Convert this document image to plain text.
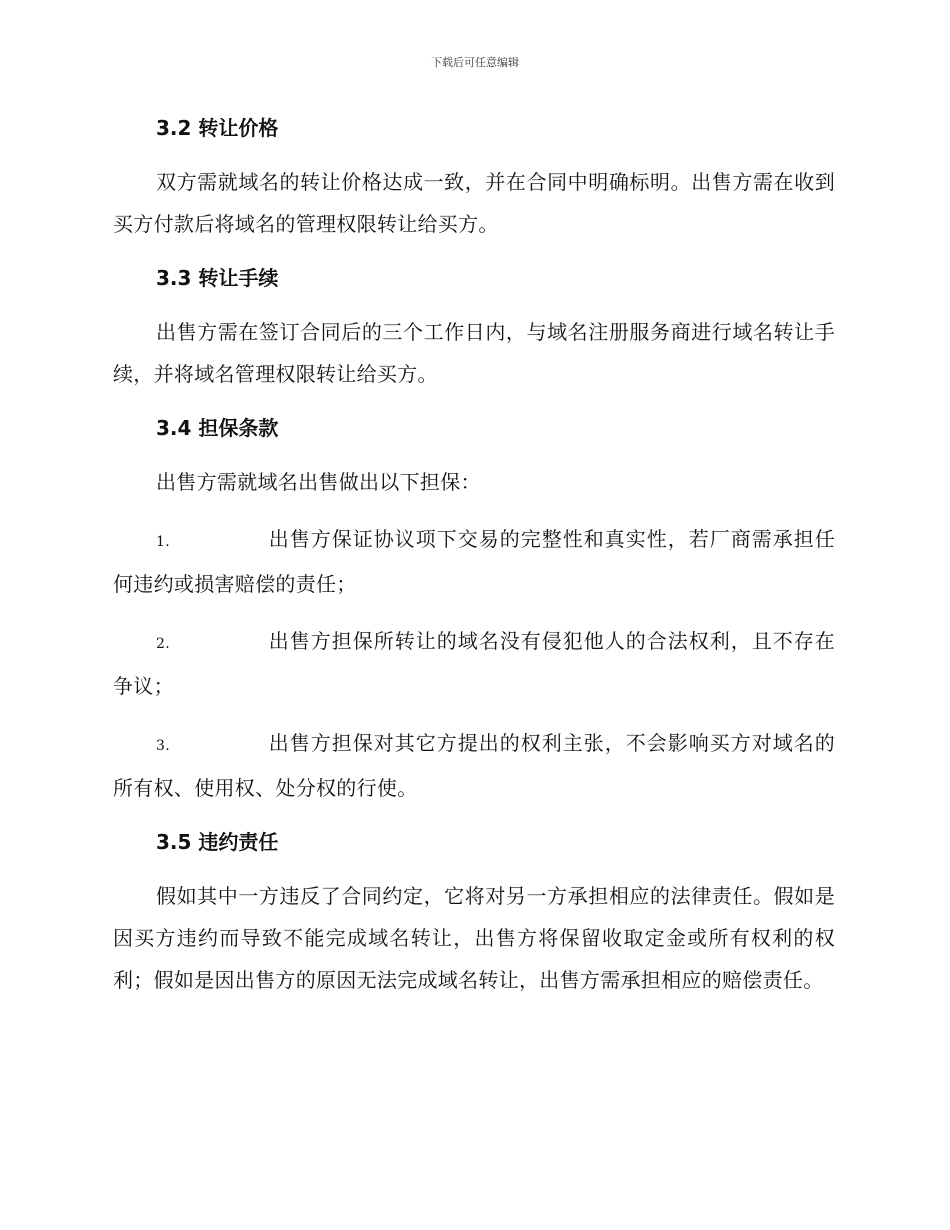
下载后可任意编辑
3.2 转让价格

双方需就域名的转让价格达成一致，并在合同中明确标明。出售方需在收到买方付款后将域名的管理权限转让给买方。

3.3 转让手续

出售方需在签订合同后的三个工作日内，与域名注册服务商进行域名转让手续，并将域名管理权限转让给买方。

3.4 担保条款

出售方需就域名出售做出以下担保：

1.	出售方保证协议项下交易的完整性和真实性，若厂商需承担任何违约或损害赔偿的责任；
2.	出售方担保所转让的域名没有侵犯他人的合法权利，且不存在争议；
3.	出售方担保对其它方提出的权利主张，不会影响买方对域名的所有权、使用权、处分权的行使。
3.5 违约责任

假如其中一方违反了合同约定，它将对另一方承担相应的法律责任。假如是因买方违约而导致不能完成域名转让，出售方将保留收取定金或所有权利的权利；假如是因出售方的原因无法完成域名转让，出售方需承担相应的赔偿责任。
